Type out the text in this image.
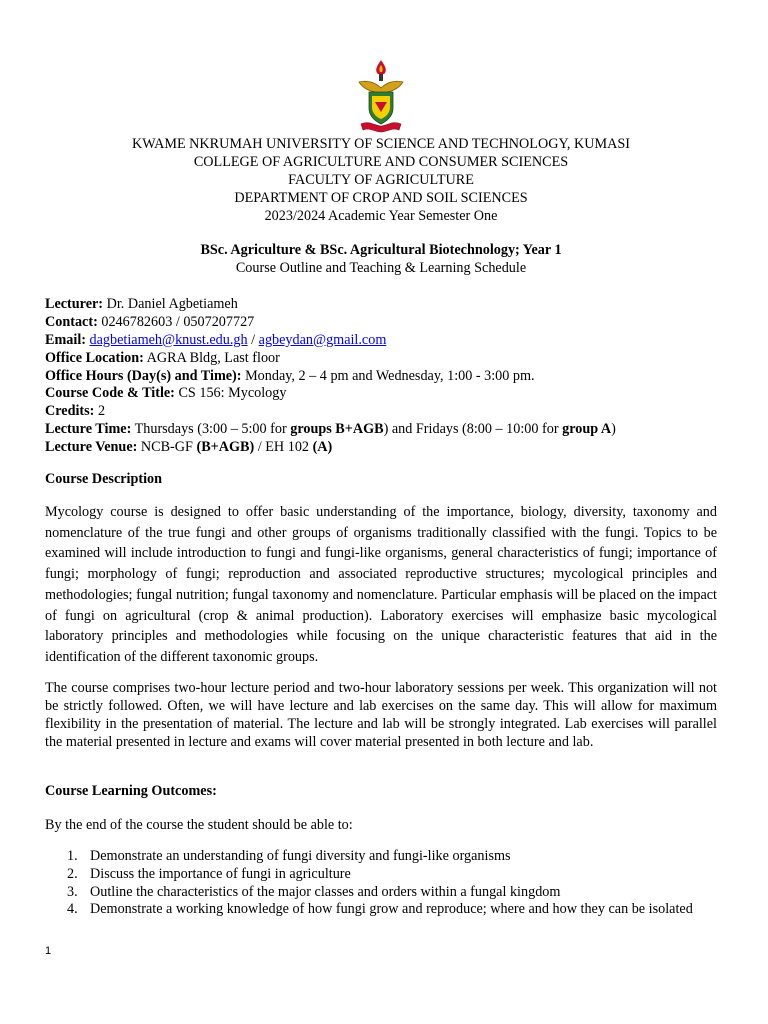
KWAME NKRUMAH UNIVERSITY OF SCIENCE AND TECHNOLOGY, KUMASI
COLLEGE OF AGRICULTURE AND CONSUMER SCIENCES
FACULTY OF AGRICULTURE
DEPARTMENT OF CROP AND SOIL SCIENCES
2023/2024 Academic Year Semester One
BSc. Agriculture & BSc. Agricultural Biotechnology; Year 1
Course Outline and Teaching & Learning Schedule
Lecturer: Dr. Daniel Agbetiameh
Contact: 0246782603 / 0507207727
Email: dagbetiameh@knust.edu.gh / agbeydan@gmail.com
Office Location: AGRA Bldg, Last floor
Office Hours (Day(s) and Time): Monday, 2 – 4 pm and Wednesday, 1:00 - 3:00 pm.
Course Code & Title: CS 156: Mycology
Credits: 2
Lecture Time: Thursdays (3:00 – 5:00 for groups B+AGB) and Fridays (8:00 – 10:00 for group A)
Lecture Venue: NCB-GF (B+AGB) / EH 102 (A)
Course Description

Mycology course is designed to offer basic understanding of the importance, biology, diversity, taxonomy and nomenclature of the true fungi and other groups of organisms traditionally classified with the fungi. Topics to be examined will include introduction to fungi and fungi-like organisms, general characteristics of fungi; importance of fungi; morphology of fungi; reproduction and associated reproductive structures; mycological principles and methodologies; fungal nutrition; fungal taxonomy and nomenclature. Particular emphasis will be placed on the impact of fungi on agricultural (crop & animal production). Laboratory exercises will emphasize basic mycological laboratory principles and methodologies while focusing on the unique characteristic features that aid in the identification of the different taxonomic groups.

The course comprises two-hour lecture period and two-hour laboratory sessions per week. This organization will not be strictly followed. Often, we will have lecture and lab exercises on the same day. This will allow for maximum flexibility in the presentation of material. The lecture and lab will be strongly integrated. Lab exercises will parallel the material presented in lecture and exams will cover material presented in both lecture and lab.

Course Learning Outcomes:
By the end of the course the student should be able to:
1. Demonstrate an understanding of fungi diversity and fungi-like organisms
2. Discuss the importance of fungi in agriculture
3. Outline the characteristics of the major classes and orders within a fungal kingdom
4. Demonstrate a working knowledge of how fungi grow and reproduce; where and how they can be isolated
1
